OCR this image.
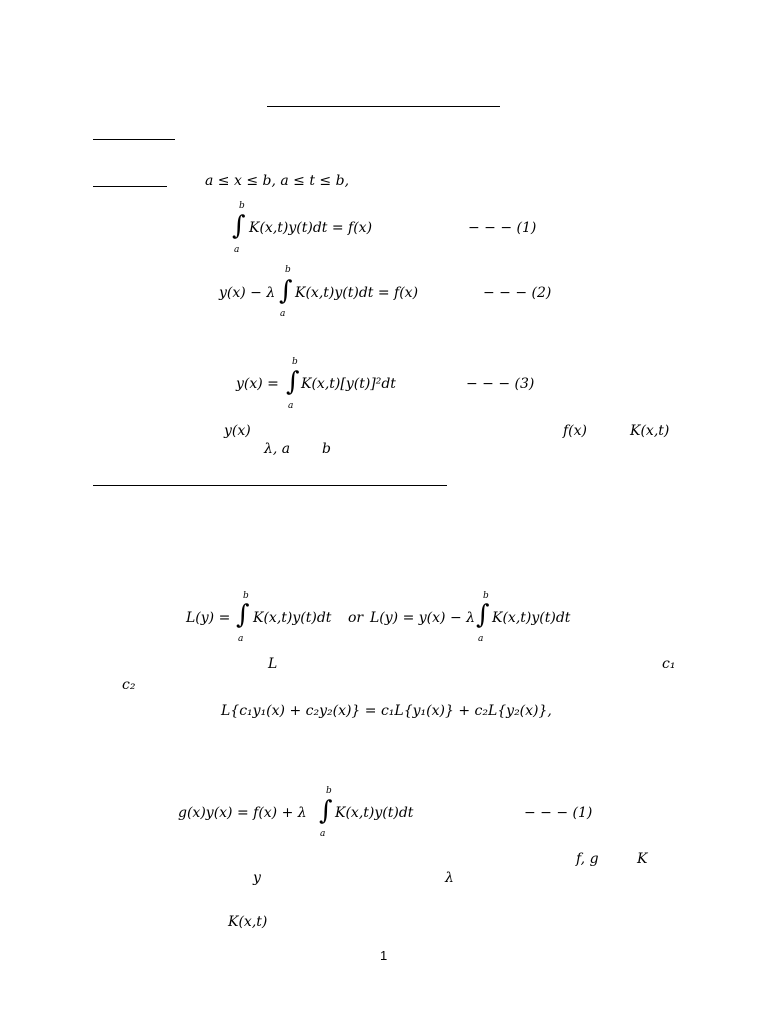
a ≤ x ≤ b, a ≤ t ≤ b,
b
∫
a
K(x,t)y(t)dt = f(x)	− − − (1)
y(x) − λ
b
∫
a
K(x,t)y(t)dt = f(x)	− − − (2)
y(x) =
b
∫
a
K(x,t)[y(t)]²dt	− − − (3)
y(x)	f(x)	K(x,t)
λ, a b
L(y) =
b
∫
a
K(x,t)y(t)dt or L(y) = y(x) − λ
b
∫
a
K(x,t)y(t)dt
L	c₁
c₂
L{c₁y₁(x) + c₂y₂(x)} = c₁L{y₁(x)} + c₂L{y₂(x)},
g(x)y(x) = f(x) + λ
b
∫
a
K(x,t)y(t)dt	− − − (1)
f, g	K
y	λ
K(x,t)
1
